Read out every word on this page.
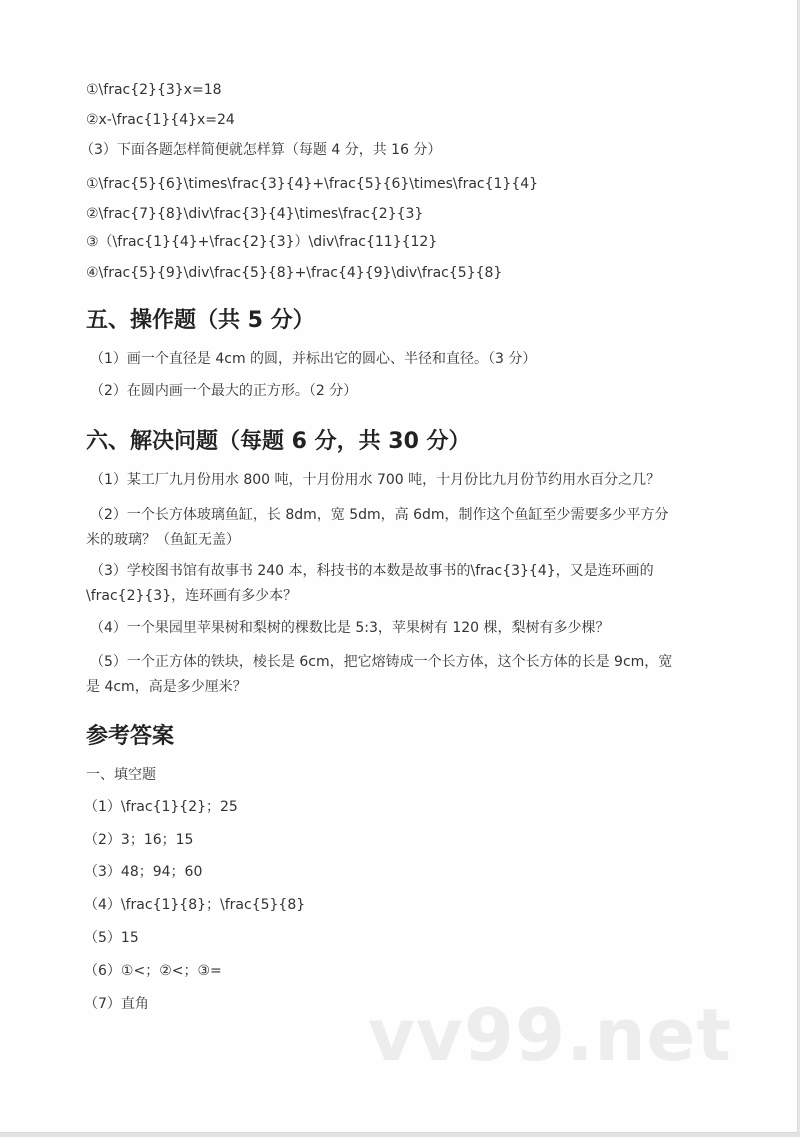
①\frac{2}{3}x=18
②x-\frac{1}{4}x=24
（3）下面各题怎样简便就怎样算（每题 4 分，共 16 分）
①\frac{5}{6}\times\frac{3}{4}+\frac{5}{6}\times\frac{1}{4}
②\frac{7}{8}\div\frac{3}{4}\times\frac{2}{3}
③（\frac{1}{4}+\frac{2}{3}）\div\frac{11}{12}
④\frac{5}{9}\div\frac{5}{8}+\frac{4}{9}\div\frac{5}{8}
五、操作题（共 5 分）
（1）画一个直径是 4cm 的圆，并标出它的圆心、半径和直径。（3 分）
（2）在圆内画一个最大的正方形。（2 分）
六、解决问题（每题 6 分，共 30 分）
（1）某工厂九月份用水 800 吨，十月份用水 700 吨，十月份比九月份节约用水百分之几？
（2）一个长方体玻璃鱼缸，长 8dm，宽 5dm，高 6dm，制作这个鱼缸至少需要多少平方分
米的玻璃？（鱼缸无盖）
（3）学校图书馆有故事书 240 本，科技书的本数是故事书的\frac{3}{4}，又是连环画的
\frac{2}{3}，连环画有多少本？
（4）一个果园里苹果树和梨树的棵数比是 5:3，苹果树有 120 棵，梨树有多少棵？
（5）一个正方体的铁块，棱长是 6cm，把它熔铸成一个长方体，这个长方体的长是 9cm，宽
是 4cm，高是多少厘米？
参考答案
一、填空题
（1）\frac{1}{2}；25
（2）3；16；15
（3）48；94；60
（4）\frac{1}{8}；\frac{5}{8}
（5）15
（6）①<；②<；③=
（7）直角	vv99.net
